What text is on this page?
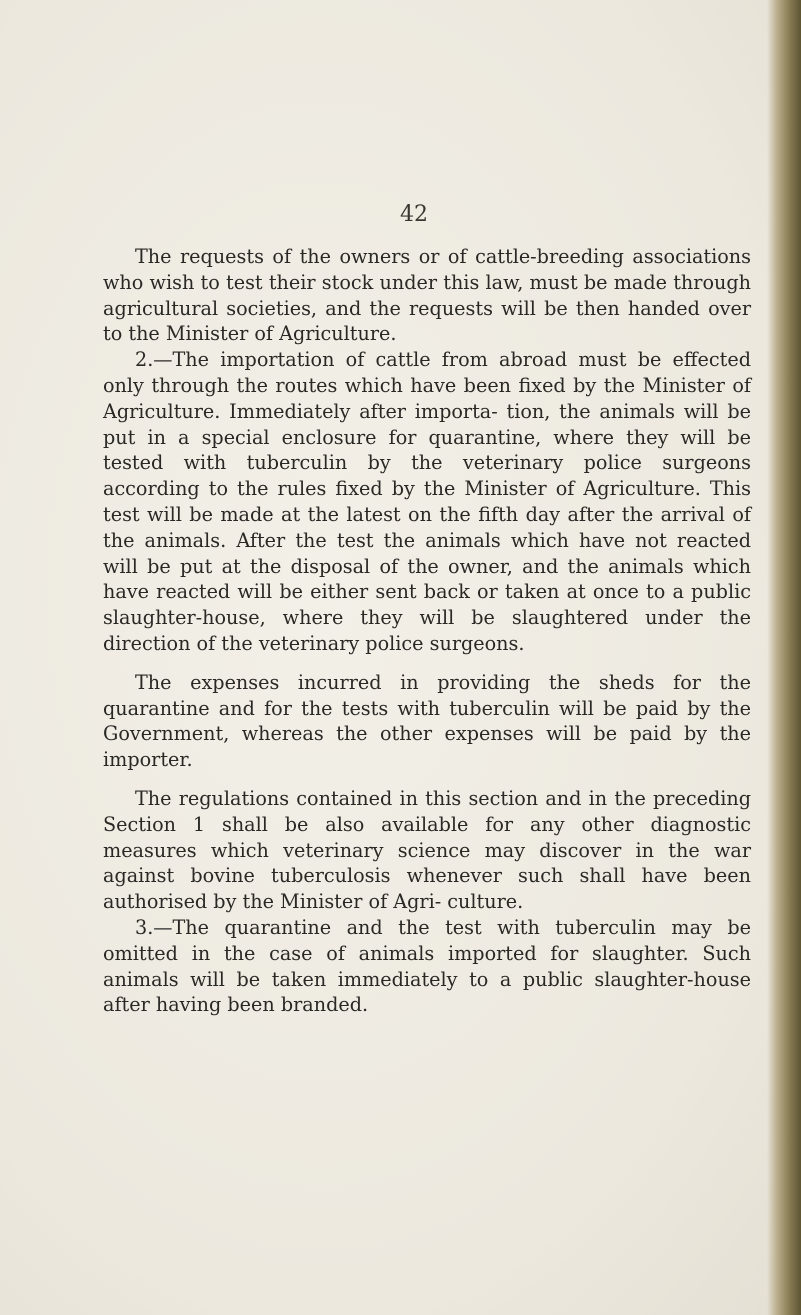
42

The requests of the owners or of cattle-breeding associations who wish to test their stock under this law, must be made through agricultural societies, and the requests will be then handed over to the Minister of Agriculture.

2.—The importation of cattle from abroad must be effected only through the routes which have been fixed by the Minister of Agriculture. Immediately after importa- tion, the animals will be put in a special enclosure for quarantine, where they will be tested with tuberculin by the veterinary police surgeons according to the rules fixed by the Minister of Agriculture. This test will be made at the latest on the fifth day after the arrival of the animals. After the test the animals which have not reacted will be put at the disposal of the owner, and the animals which have reacted will be either sent back or taken at once to a public slaughter-house, where they will be slaughtered under the direction of the veterinary police surgeons.

The expenses incurred in providing the sheds for the quarantine and for the tests with tuberculin will be paid by the Government, whereas the other expenses will be paid by the importer.

The regulations contained in this section and in the preceding Section 1 shall be also available for any other diagnostic measures which veterinary science may discover in the war against bovine tuberculosis whenever such shall have been authorised by the Minister of Agri- culture.

3.—The quarantine and the test with tuberculin may be omitted in the case of animals imported for slaughter. Such animals will be taken immediately to a public slaughter-house after having been branded.
